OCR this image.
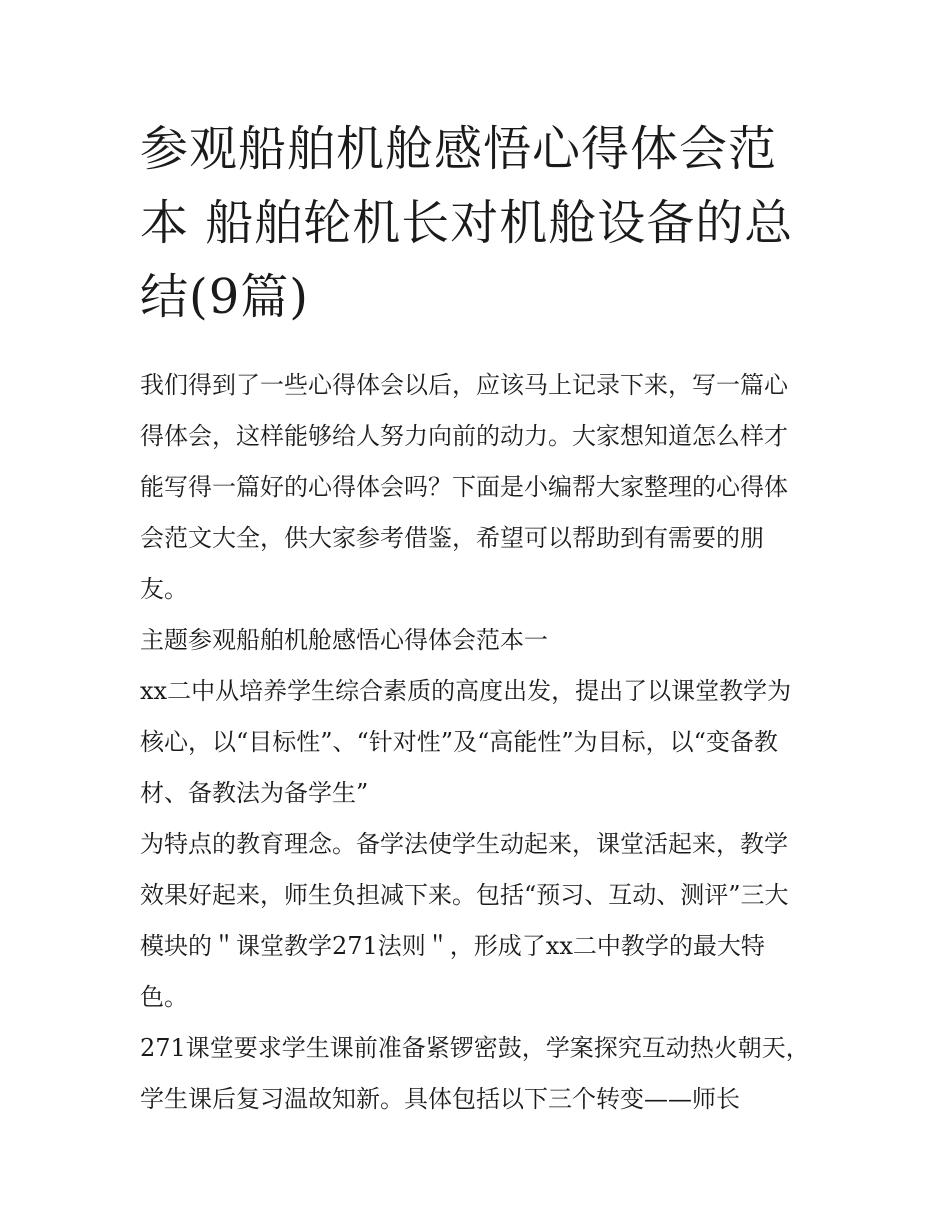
参观船舶机舱感悟心得体会范本 船舶轮机长对机舱设备的总结(9篇)

我们得到了一些心得体会以后，应该马上记录下来，写一篇心得体会，这样能够给人努力向前的动力。大家想知道怎么样才能写得一篇好的心得体会吗？下面是小编帮大家整理的心得体会范文大全，供大家参考借鉴，希望可以帮助到有需要的朋友。

主题参观船舶机舱感悟心得体会范本一

xx二中从培养学生综合素质的高度出发，提出了以课堂教学为核心，以“目标性”、“针对性”及“高能性”为目标，以“变备教材、备教法为备学生”

为特点的教育理念。备学法使学生动起来，课堂活起来，教学效果好起来，师生负担减下来。包括“预习、互动、测评”三大模块的＂课堂教学271法则＂，形成了xx二中教学的最大特色。

271课堂要求学生课前准备紧锣密鼓，学案探究互动热火朝天，学生课后复习温故知新。具体包括以下三个转变——师长
